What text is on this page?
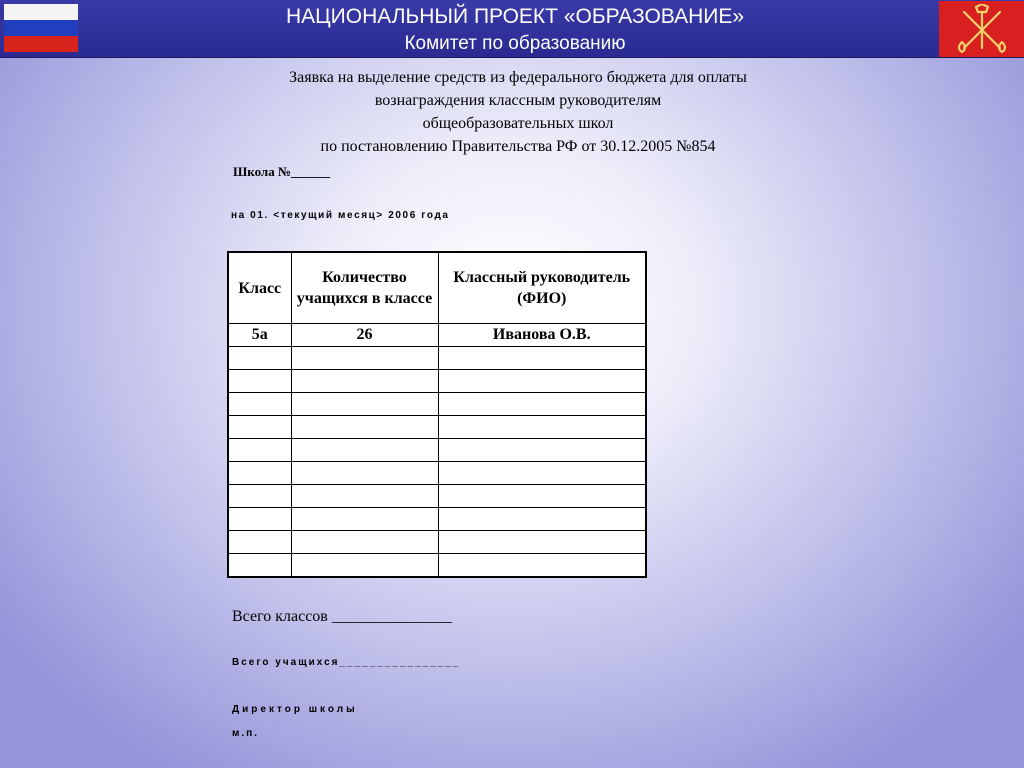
НАЦИОНАЛЬНЫЙ ПРОЕКТ «ОБРАЗОВАНИЕ»
Комитет по образованию
Заявка на выделение средств из федерального бюджета для оплаты
вознаграждения классным руководителям
общеобразовательных школ
по постановлению Правительства РФ от 30.12.2005 №854
Школа №______
на 01. <текущий месяц> 2006 года
Класс	Количество учащихся в классе	Классный руководитель (ФИО)
5а	26	Иванова О.В.

Всего классов _______________
Всего учащихся________________
Директор школы
м.п.
